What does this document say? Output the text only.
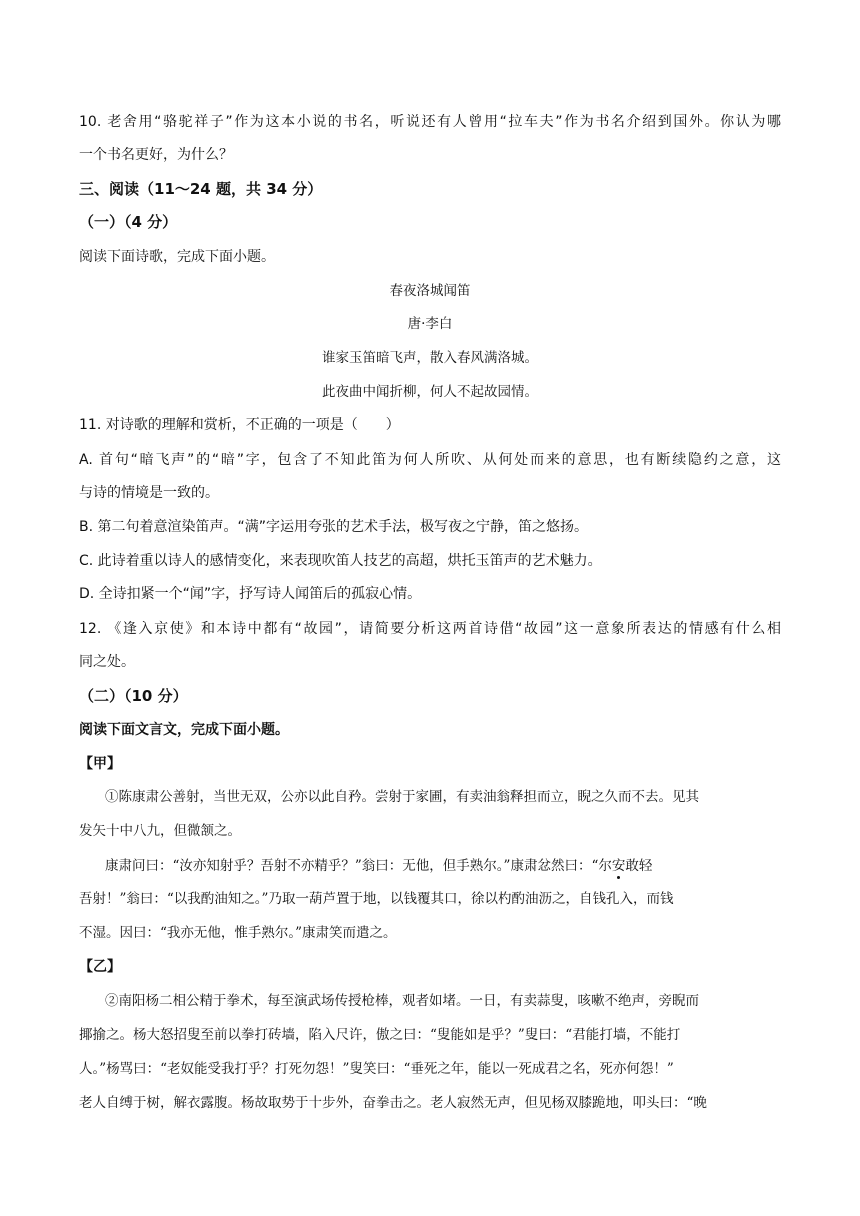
10. 老舍用“骆驼祥子”作为这本小说的书名，听说还有人曾用“拉车夫”作为书名介绍到国外。你认为哪
一个书名更好，为什么？
三、阅读（11～24 题，共 34 分）
（一）（4 分）
阅读下面诗歌，完成下面小题。
春夜洛城闻笛
唐·李白
谁家玉笛暗飞声，散入春风满洛城。
此夜曲中闻折柳，何人不起故园情。
11. 对诗歌的理解和赏析，不正确的一项是（　　）
A. 首句“暗飞声”的“暗”字，包含了不知此笛为何人所吹、从何处而来的意思，也有断续隐约之意，这
与诗的情境是一致的。
B. 第二句着意渲染笛声。“满”字运用夸张的艺术手法，极写夜之宁静，笛之悠扬。
C. 此诗着重以诗人的感情变化，来表现吹笛人技艺的高超，烘托玉笛声的艺术魅力。
D. 全诗扣紧一个“闻”字，抒写诗人闻笛后的孤寂心情。
12. 《逢入京使》和本诗中都有“故园”，请简要分析这两首诗借“故园”这一意象所表达的情感有什么相
同之处。
（二）（10 分）
阅读下面文言文，完成下面小题。
【甲】
①陈康肃公善射，当世无双，公亦以此自矜。尝射于家圃，有卖油翁释担而立，睨之久而不去。见其
发矢十中八九，但微颔之。
康肃问曰：“汝亦知射乎？吾射不亦精乎？”翁曰：无他，但手熟尔。”康肃忿然曰：“尔安敢轻
吾射！”翁曰：“以我酌油知之。”乃取一葫芦置于地，以钱覆其口，徐以杓酌油沥之，自钱孔入，而钱
不湿。因曰：“我亦无他，惟手熟尔。”康肃笑而遣之。
【乙】
②南阳杨二相公精于拳术，每至演武场传授枪棒，观者如堵。一日，有卖蒜叟，咳嗽不绝声，旁睨而
揶揄之。杨大怒招叟至前以拳打砖墙，陷入尺许，傲之曰：“叟能如是乎？”叟曰：“君能打墙，不能打
人。”杨骂曰：“老奴能受我打乎？打死勿怨！”叟笑曰：“垂死之年，能以一死成君之名，死亦何怨！”
老人自缚于树，解衣露腹。杨故取势于十步外，奋拳击之。老人寂然无声，但见杨双膝跪地，叩头曰：“晚
